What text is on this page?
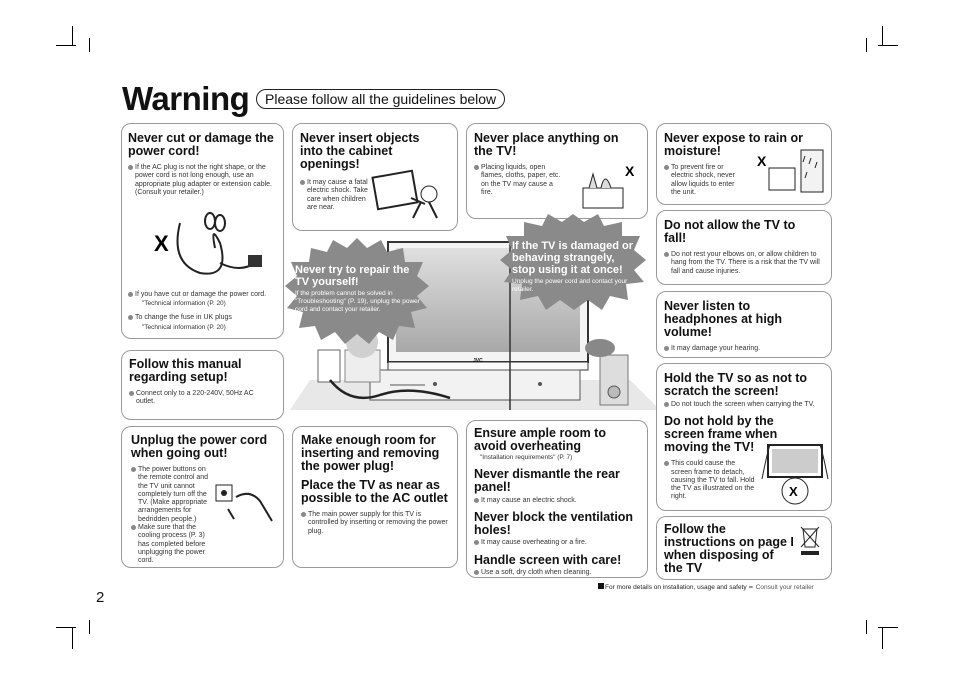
Warning	Please follow all the guidelines below
JVC
Never cut or damage the power cord!
If the AC plug is not the right shape, or the power cord is not long enough, use an appropriate plug adapter or extension cable. (Consult your retailer.)
X
If you have cut or damage the power cord.
"Technical information (P. 20)
To change the fuse in UK plugs
"Technical information (P. 20)
Never insert objects into the cabinet openings!
It may cause a fatal electric shock. Take care when children are near.
Never place anything on the TV!
Placing liquids, open flames, cloths, paper, etc. on the TV may cause a fire.
X
Never expose to rain or moisture!
To prevent fire or electric shock, never allow liquids to enter the unit.
X
Do not allow the TV to fall!
Do not rest your elbows on, or allow children to hang from the TV. There is a risk that the TV will fall and cause injuries.
Never listen to headphones at high volume!
It may damage your hearing.
Hold the TV so as not to scratch the screen!
Do not touch the screen when carrying the TV.
Do not hold by the screen frame when moving the TV!
This could cause the screen frame to detach, causing the TV to fall. Hold the TV as illustrated on the right.	X
Follow the instructions on page I when disposing of the TV
Follow this manual regarding setup!
Connect only to a 220-240V, 50Hz AC outlet.
Unplug the power cord when going out!
The power buttons on the remote control and the TV unit cannot completely turn off the TV. (Make appropriate arrangements for bedridden people.)
Make sure that the cooling process (P. 3) has completed before unplugging the power cord.
Make enough room for inserting and removing the power plug!
Place the TV as near as possible to the AC outlet
The main power supply for this TV is controlled by inserting or removing the power plug.
Ensure ample room to avoid overheating
"Installation requirements" (P. 7)
Never dismantle the rear panel!
It may cause an electric shock.
Never block the ventilation holes!
It may cause overheating or a fire.
Handle screen with care!
Use a soft, dry cloth when cleaning.
Never try to repair the TV yourself!

If the problem cannot be solved in "Troubleshooting" (P. 19), unplug the power cord and contact your retailer.

If the TV is damaged or behaving strangely, stop using it at once!

Unplug the power cord and contact your retailer.

2
For more details on installation, usage and safety ➨ Consult your retailer
